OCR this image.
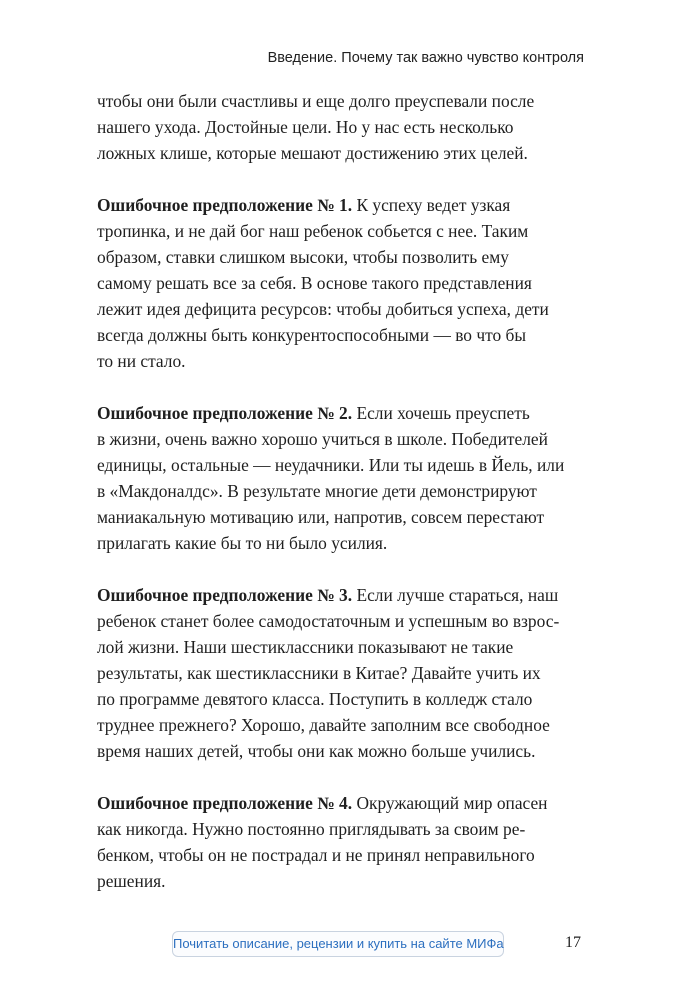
Введение. Почему так важно чувство контроля

чтобы они были счастливы и еще долго преуспевали после
нашего ухода. Достойные цели. Но у нас есть несколько
ложных клише, которые мешают достижению этих целей.

Ошибочное предположение № 1. К успеху ведет узкая
тропинка, и не дай бог наш ребенок собьется с нее. Таким
образом, ставки слишком высоки, чтобы позволить ему
самому решать все за себя. В основе такого представления
лежит идея дефицита ресурсов: чтобы добиться успеха, дети
всегда должны быть конкурентоспособными — во что бы
то ни стало.

Ошибочное предположение № 2. Если хочешь преуспеть
в жизни, очень важно хорошо учиться в школе. Победителей
единицы, остальные — неудачники. Или ты идешь в Йель, или
в «Макдоналдс». В результате многие дети демонстрируют
маниакальную мотивацию или, напротив, совсем перестают
прилагать какие бы то ни было усилия.

Ошибочное предположение № 3. Если лучше стараться, наш
ребенок станет более самодостаточным и успешным во взрос-
лой жизни. Наши шестиклассники показывают не такие
результаты, как шестиклассники в Китае? Давайте учить их
по программе девятого класса. Поступить в колледж стало
труднее прежнего? Хорошо, давайте заполним все свободное
время наших детей, чтобы они как можно больше учились.

Ошибочное предположение № 4. Окружающий мир опасен
как никогда. Нужно постоянно приглядывать за своим ре-
бенком, чтобы он не пострадал и не принял неправильного
решения.

Почитать описание, рецензии и купить на сайте МИФа	17
